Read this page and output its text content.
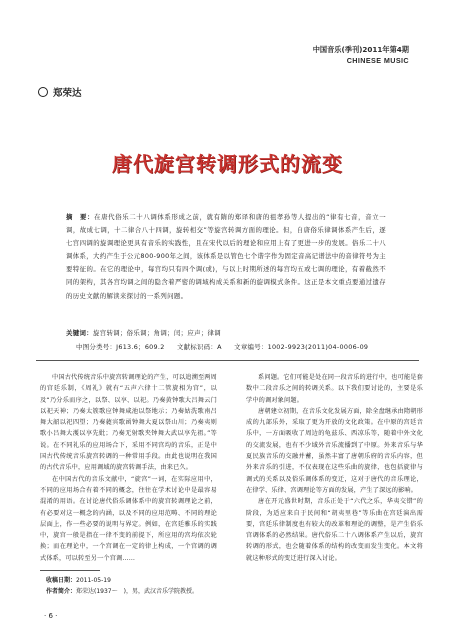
中国音乐(季刊)2011年第4期
CHINESE MUSIC
郑荣达
唐代旋宫转调形式的流变
摘　要：在唐代俗乐二十八调体系形成之前，就有隋的郑译和唐的祖孝孙等人提出的“律有七音，音立一调，故成七调，十二律合八十四调，旋转相交”等旋宫转调方面的理论。但，自唐俗乐律调体系产生后，逐七宫四调的旋调理论更具有音乐的实践性，且在宋代以后的理论和应用上有了更进一步的发展。俗乐二十八调体系，大约产生于公元800-900年之间，该体系是以管色七个谐字作为固定音高记谱法中的音律符号为主要特征的。在它的理论中，每宫均只有四个调(或)，与以上时期所述的每宫均五或七调的理论，有着截然不同的架构，其各宫均调之间的隐含着严密的调域构成关系和新的旋调模式条件。这正是本文重点要通过遗存的历史文献的解读来探讨的一系列问题。
关键词：旋宫转调；俗乐调；角调；闰；应声；律调
中图分类号：J613.6；609.2 文献标识码：A 文章编号：1002-9923(2011)04-0006-09

中国古代传统音乐中旋宫转调理论的产生，可以追溯至两周的宫廷乐制，《周礼》就有“五声六律十二管旋相为宫”，以及“乃分乐而序之，以祭、以享、以祀。乃奏黄钟歌大吕舞云门以祀天神；乃奏太簇歌应钟舞咸池以祭地示；乃奏姑洗歌南吕舞大韶以祀四望；乃奏蕤宾歌函钟舞大夏以祭山川；乃奏夷则歌小吕舞大濩以享先妣；乃奏无射歌夹钟舞大武以享先祖。”等说。在不同礼乐的应用场合下，采用不同宫均的音乐，正是中国古代传统音乐旋宫转调的一种常用手段。由此也说明在我国的古代音乐中，应用调域的旋宫转调手法，由来已久。

在中国古代的音乐文献中，“旋宫”一词，在实际应用中，不同的应用场合有着不同的概念，往往在学术讨论中是最容易混淆的用语。在讨论唐代俗乐调体系中的旋宫转调理论之前，有必要对这一概念的内涵，以及不同的应用范畴、不同的理论层面上，作一些必要的说明与界定。例如，在宫廷雅乐的实践中，旋宫一般是指在一律不变的前提下，所应用的宫均依次轮换；而在理论中，一个宫调在一定的律上构成，一个宫调的调式体系，可以转至另一个宫调……

系问题。它们可能是处在同一段音乐的进行中，也可能是套数中二段音乐之间的转调关系。以下我们要讨论的，主要是乐学中的调对象问题。

唐朝建立初期，在音乐文化发展方面，除全盘继承由隋朝形成的九部乐外，采取了更为开放的文化政策。在中原的宫廷音乐中，一方面吸收了周边的龟兹乐、西凉乐等，随着中外文化的交流发展，也有不少域外音乐流播到了中原。外来音乐与华夏民族音乐的交融并蓄，虽然丰富了唐朝乐府的音乐内容，但外来音乐的引进，不仅表现在这些乐曲的旋律，也包括旋律与调式的关系以及俗乐调体系的变迁，这对于唐代的音乐理论，在律学、乐律、宫调理论等方面的发展，产生了深远的影响。

唐在开元盛世时期，音乐正处于“六代之乐，华夷交错”的阶段，为适应来自于民间和“胡夷里巷”等乐曲在宫廷演出需要，宫廷乐律制度也有较大的改革和理论的调整，是产生俗乐宫调体系的必然结果。唐代俗乐二十八调体系产生以后，旋宫转调的形式，也会随着体系的结构的改变而发生变化。本文将就这种形式的变迁进行深入讨论。

收稿日期：2011-05-19
作者简介：郑荣达(1937～　)，男，武汉音乐学院教授。
· 6 ·
